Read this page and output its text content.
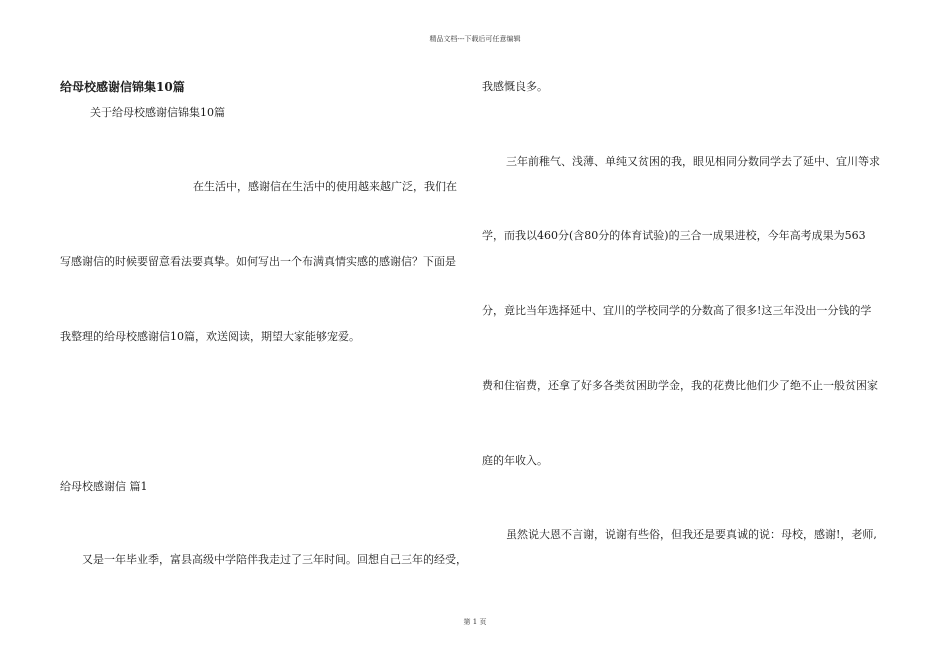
精品文档---下载后可任意编辑
给母校感谢信锦集10篇
关于给母校感谢信锦集10篇
在生活中，感谢信在生活中的使用越来越广泛，我们在
写感谢信的时候要留意看法要真挚。如何写出一个布满真情实感的感谢信？下面是
我整理的给母校感谢信10篇，欢送阅读，期望大家能够宠爱。
给母校感谢信 篇1
又是一年毕业季，富县高级中学陪伴我走过了三年时间。回想自己三年的经受，
我感慨良多。
三年前稚气、浅薄、单纯又贫困的我，眼见相同分数同学去了延中、宜川等求
学，而我以460分(含80分的体育试验)的三合一成果进校，今年高考成果为563
分，竟比当年选择延中、宜川的学校同学的分数高了很多!这三年没出一分钱的学
费和住宿费，还拿了好多各类贫困助学金，我的花费比他们少了绝不止一般贫困家
庭的年收入。
虽然说大恩不言谢，说谢有些俗，但我还是要真诚的说：母校，感谢!，老师,
第 1 页
